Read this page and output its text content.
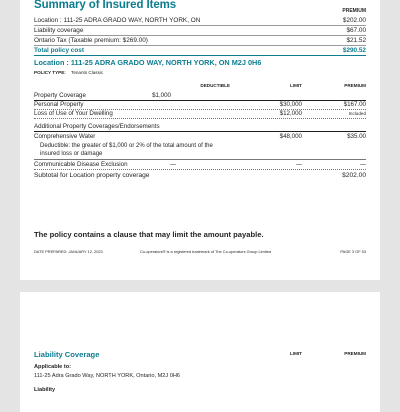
Summary of Insured Items	PREMIUM
Location : 111-25 ADRA GRADO WAY, NORTH YORK, ON	$202.00
Liability coverage	$67.00
Ontario Tax (Taxable premium: $269.00)	$21.52
Total policy cost	$290.52
Location : 111-25 ADRA GRADO WAY, NORTH YORK, ON M2J 0H6
POLICY TYPE: Tenants Classic
DEDUCTIBLE	LIMIT	PREMIUM
Property Coverage	$1,000
Personal Property	$30,000	$167.00
Loss of Use of Your Dwelling	$12,000	Included
Additional Property Coverages/Endorsements
Comprehensive Water	$48,000	$35.00
Deductible: the greater of $1,000 or 2% of the total amount of the
insured loss or damage
Communicable Disease Exclusion	—	—	—
Subtotal for Location property coverage	$202.00
The policy contains a clause that may limit the amount payable.
DATE PREPARED: JANUARY 12, 2023	Co-operators® is a registered trademark of The Co-operators Group Limited	PAGE 3 OF 53
Liability Coverage	LIMIT	PREMIUM
Applicable to:
111-25 Adra Grado Way, NORTH YORK, Ontario, M2J 0H6
Liability
